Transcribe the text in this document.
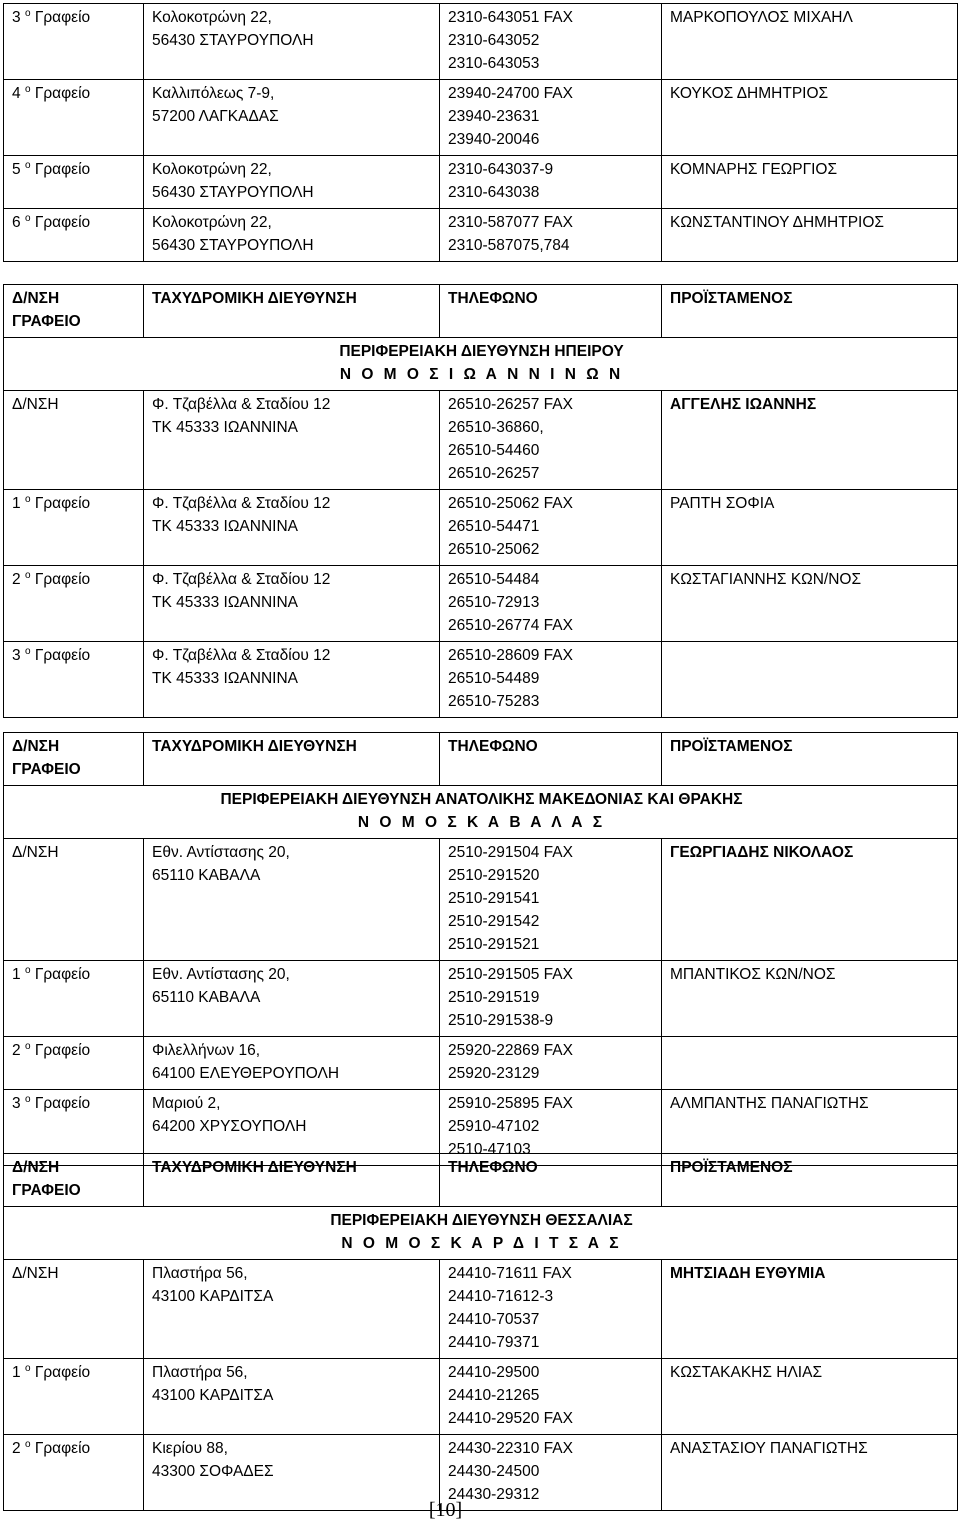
3 $^o$ Γραφείο	Κολοκοτρώνη 22,
56430 ΣΤΑΥΡΟΥΠΟΛΗ	2310-643051 FAX
2310-643052
2310-643053	ΜΑΡΚΟΠΟΥΛΟΣ ΜΙΧΑΗΛ
4 $^o$ Γραφείο	Καλλιπόλεως 7-9,
57200 ΛΑΓΚΑΔΑΣ	23940-24700 FAX
23940-23631
23940-20046	ΚΟΥΚΟΣ ΔΗΜΗΤΡΙΟΣ
5 $^o$ Γραφείο	Κολοκοτρώνη 22,
56430 ΣΤΑΥΡΟΥΠΟΛΗ	2310-643037-9
2310-643038	ΚΟΜΝΑΡΗΣ ΓΕΩΡΓΙΟΣ
6 $^o$ Γραφείο	Κολοκοτρώνη 22,
56430 ΣΤΑΥΡΟΥΠΟΛΗ	2310-587077 FAX
2310-587075,784	ΚΩΝΣΤΑΝΤΙΝΟΥ ΔΗΜΗΤΡΙΟΣ
Δ/ΝΣΗ
ΓΡΑΦΕΙΟ	ΤΑΧΥΔΡΟΜΙΚΗ ΔΙΕΥΘΥΝΣΗ	ΤΗΛΕΦΩΝΟ	ΠΡΟΪΣΤΑΜΕΝΟΣ

ΠΕΡΙΦΕΡΕΙΑΚΗ ΔΙΕΥΘΥΝΣΗ ΗΠΕΙΡΟΥ
Ν Ο Μ Ο Σ Ι Ω Α Ν Ν Ι Ν Ω Ν			

Δ/ΝΣΗ	Φ. Τζαβέλλα & Σταδίου 12
ΤΚ 45333 ΙΩΑΝΝΙΝΑ	26510-26257 FAX
26510-36860,
26510-54460
26510-26257	ΑΓΓΕΛΗΣ ΙΩΑΝΝΗΣ
1 $^o$ Γραφείο	Φ. Τζαβέλλα & Σταδίου 12
ΤΚ 45333 ΙΩΑΝΝΙΝΑ	26510-25062 FAX
26510-54471
26510-25062	ΡΑΠΤΗ ΣΟΦΙΑ
2 $^o$ Γραφείο	Φ. Τζαβέλλα & Σταδίου 12
ΤΚ 45333 ΙΩΑΝΝΙΝΑ	26510-54484
26510-72913
26510-26774 FAX	ΚΩΣΤΑΓΙΑΝΝΗΣ ΚΩΝ/ΝΟΣ
3 $^o$ Γραφείο	Φ. Τζαβέλλα & Σταδίου 12
ΤΚ 45333 ΙΩΑΝΝΙΝΑ	26510-28609 FAX
26510-54489
26510-75283	

Δ/ΝΣΗ
ΓΡΑΦΕΙΟ	ΤΑΧΥΔΡΟΜΙΚΗ ΔΙΕΥΘΥΝΣΗ	ΤΗΛΕΦΩΝΟ	ΠΡΟΪΣΤΑΜΕΝΟΣ

ΠΕΡΙΦΕΡΕΙΑΚΗ ΔΙΕΥΘΥΝΣΗ ΑΝΑΤΟΛΙΚΗΣ ΜΑΚΕΔΟΝΙΑΣ ΚΑΙ ΘΡΑΚΗΣ
Ν Ο Μ Ο Σ Κ Α Β Α Λ Α Σ			

Δ/ΝΣΗ	Εθν. Αντίστασης 20,
65110 ΚΑΒΑΛΑ	2510-291504 FAX
2510-291520
2510-291541
2510-291542
2510-291521	ΓΕΩΡΓΙΑΔΗΣ ΝΙΚΟΛΑΟΣ
1 $^o$ Γραφείο	Εθν. Αντίστασης 20,
65110 ΚΑΒΑΛΑ	2510-291505 FAX
2510-291519
2510-291538-9	ΜΠΑΝΤΙΚΟΣ ΚΩΝ/ΝΟΣ
2 $^o$ Γραφείο	Φιλελλήνων 16,
64100 ΕΛΕΥΘΕΡΟΥΠΟΛΗ	25920-22869 FAX
25920-23129	

3 $^o$ Γραφείο	Μαριού 2,
64200 ΧΡΥΣΟΥΠΟΛΗ	25910-25895 FAX
25910-47102
2510-47103	ΑΛΜΠΑΝΤΗΣ ΠΑΝΑΓΙΩΤΗΣ
Δ/ΝΣΗ
ΓΡΑΦΕΙΟ	ΤΑΧΥΔΡΟΜΙΚΗ ΔΙΕΥΘΥΝΣΗ	ΤΗΛΕΦΩΝΟ	ΠΡΟΪΣΤΑΜΕΝΟΣ

ΠΕΡΙΦΕΡΕΙΑΚΗ ΔΙΕΥΘΥΝΣΗ ΘΕΣΣΑΛΙΑΣ
Ν Ο Μ Ο Σ Κ Α Ρ Δ Ι Τ Σ Α Σ			

Δ/ΝΣΗ	Πλαστήρα 56,
43100 ΚΑΡΔΙΤΣΑ	24410-71611 FAX
24410-71612-3
24410-70537
24410-79371	ΜΗΤΣΙΑΔΗ ΕΥΘΥΜΙΑ
1 $^o$ Γραφείο	Πλαστήρα 56,
43100 ΚΑΡΔΙΤΣΑ	24410-29500
24410-21265
24410-29520 FAX	ΚΩΣΤΑΚΑΚΗΣ ΗΛΙΑΣ
2 $^o$ Γραφείο	Κιερίου 88,
43300 ΣΟΦΑΔΕΣ	24430-22310 FAX
24430-24500
24430-29312	ΑΝΑΣΤΑΣΙΟΥ ΠΑΝΑΓΙΩΤΗΣ
[10]
